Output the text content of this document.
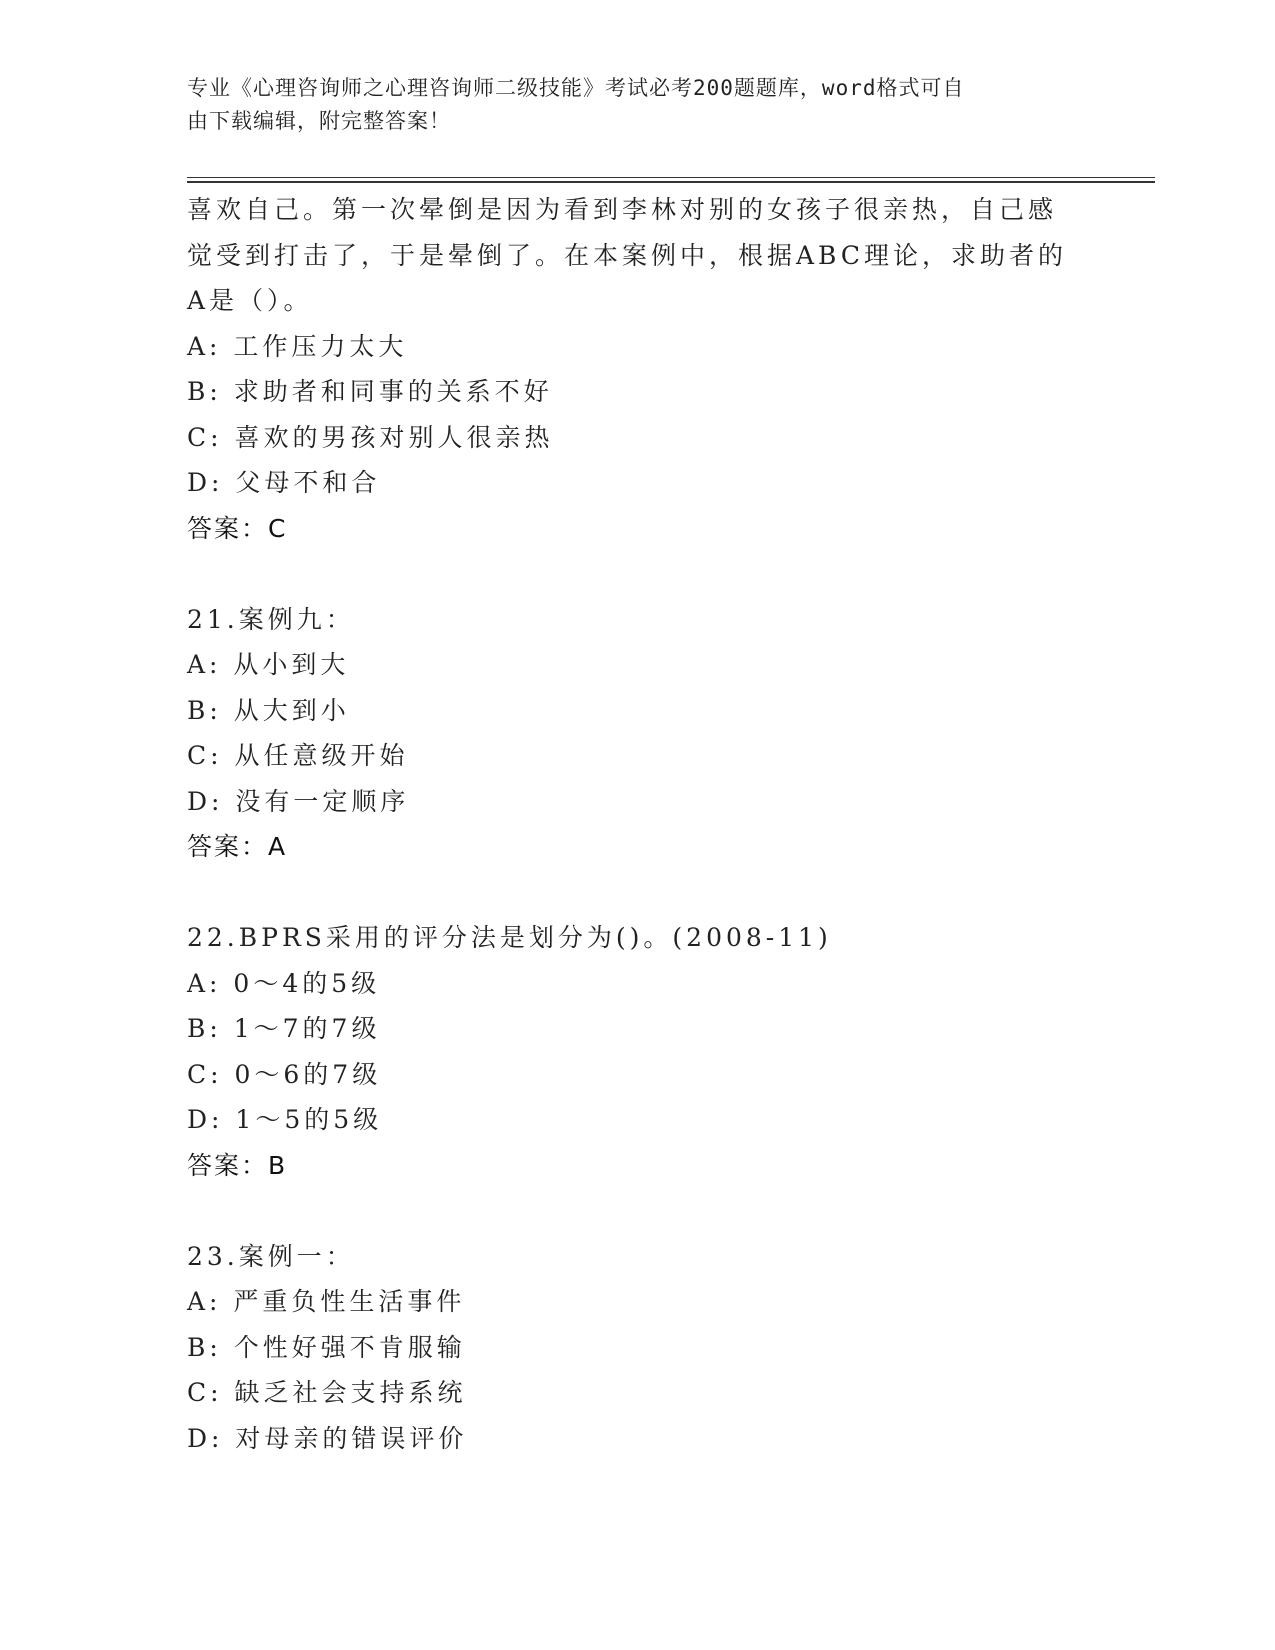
专业《心理咨询师之心理咨询师二级技能》考试必考200题题库，word格式可自
由下载编辑，附完整答案！
喜欢自己。第一次晕倒是因为看到李林对别的女孩子很亲热，自己感
觉受到打击了，于是晕倒了。在本案例中，根据ABC理论，求助者的
A是（）。
A: 工作压力太大
B: 求助者和同事的关系不好
C: 喜欢的男孩对别人很亲热
D: 父母不和合
答案：C
21.案例九：
A: 从小到大
B: 从大到小
C: 从任意级开始
D: 没有一定顺序
答案：A
22.BPRS采用的评分法是划分为()。(2008-11)
A: 0～4的5级
B: 1～7的7级
C: 0～6的7级
D: 1～5的5级
答案：B
23.案例一：
A: 严重负性生活事件
B: 个性好强不肯服输
C: 缺乏社会支持系统
D: 对母亲的错误评价
